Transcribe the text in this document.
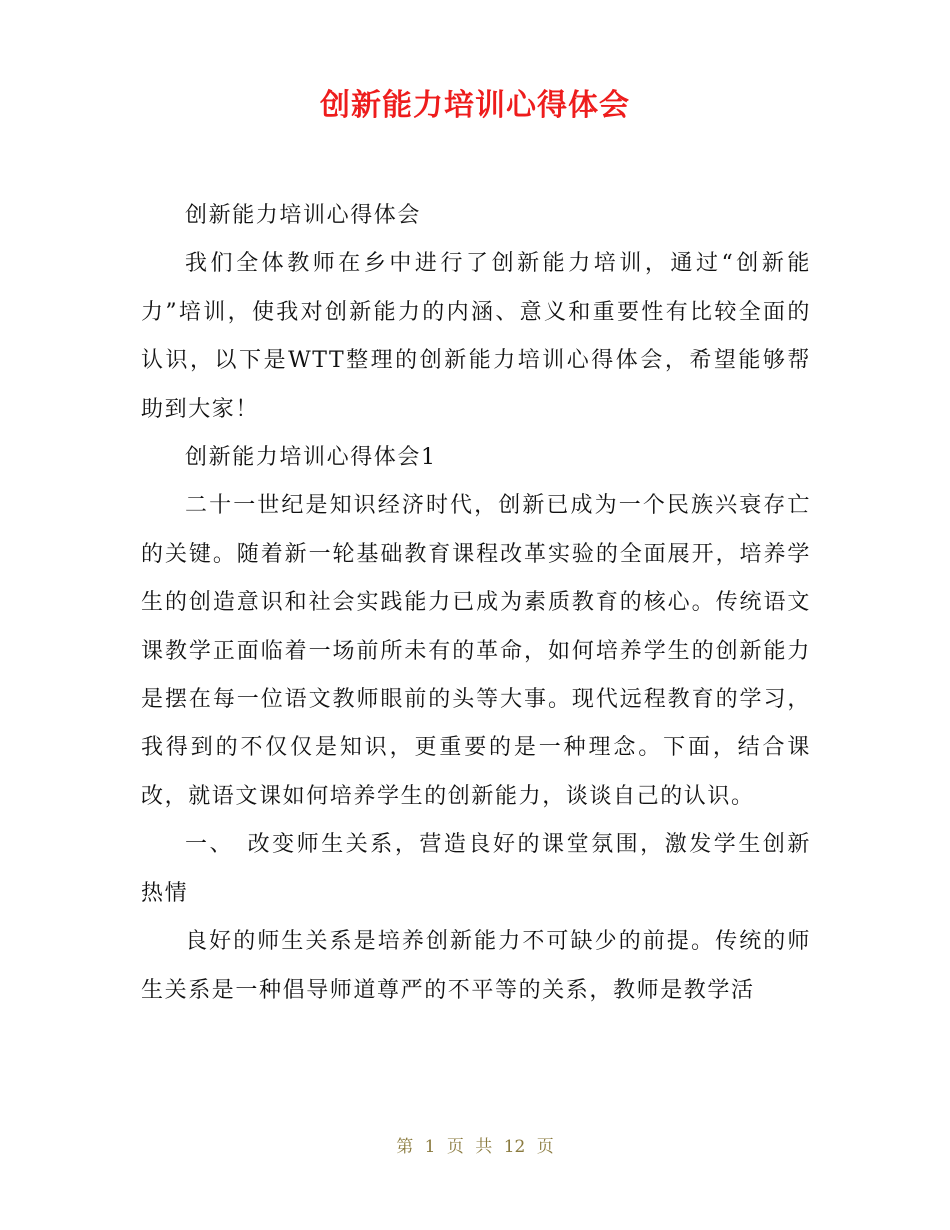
创新能力培训心得体会

创新能力培训心得体会

我们全体教师在乡中进行了创新能力培训，通过“创新能力”培训，使我对创新能力的内涵、意义和重要性有比较全面的认识，以下是WTT整理的创新能力培训心得体会，希望能够帮助到大家！

创新能力培训心得体会1

二十一世纪是知识经济时代，创新已成为一个民族兴衰存亡的关键。随着新一轮基础教育课程改革实验的全面展开，培养学生的创造意识和社会实践能力已成为素质教育的核心。传统语文课教学正面临着一场前所未有的革命，如何培养学生的创新能力是摆在每一位语文教师眼前的头等大事。现代远程教育的学习，我得到的不仅仅是知识，更重要的是一种理念。下面，结合课改，就语文课如何培养学生的创新能力，谈谈自己的认识。

一、　改变师生关系，营造良好的课堂氛围，激发学生创新热情

良好的师生关系是培养创新能力不可缺少的前提。传统的师生关系是一种倡导师道尊严的不平等的关系，教师是教学活

第 1 页 共 12 页
